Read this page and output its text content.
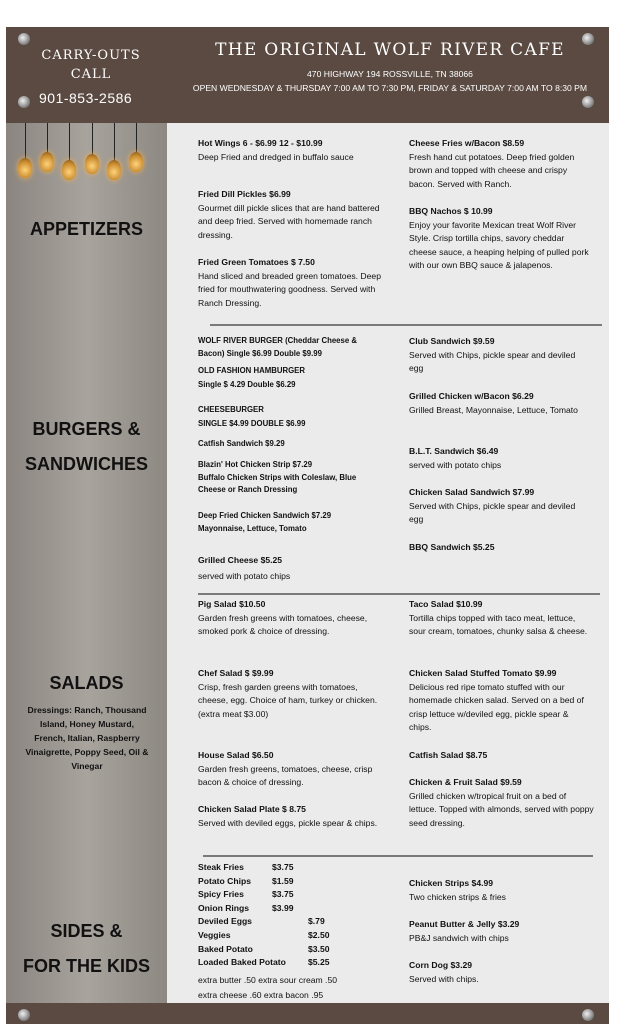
CARRY-OUTS CALL
901-853-2586
THE ORIGINAL WOLF RIVER CAFE
470 HIGHWAY 194 ROSSVILLE, TN 38066
OPEN WEDNESDAY & THURSDAY 7:00 AM TO 7:30 PM, FRIDAY & SATURDAY 7:00 AM TO 8:30 PM
APPETIZERS
BURGERS &
SANDWICHES
SALADS
Dressings: Ranch, Thousand Island, Honey Mustard, French, Italian, Raspberry Vinaigrette, Poppy Seed, Oil & Vinegar
SIDES &
FOR THE KIDS
Hot Wings 6 - $6.99 12 - $10.99
Deep Fried and dredged in buffalo sauce
Fried Dill Pickles $6.99
Gourmet dill pickle slices that are hand battered and deep fried. Served with homemade ranch dressing.
Fried Green Tomatoes $ 7.50
Hand sliced and breaded green tomatoes. Deep fried for mouthwatering goodness. Served with Ranch Dressing.
Cheese Fries w/Bacon $8.59
Fresh hand cut potatoes. Deep fried golden brown and topped with cheese and crispy bacon. Served with Ranch.
BBQ Nachos $ 10.99
Enjoy your favorite Mexican treat Wolf River Style. Crisp tortilla chips, savory cheddar cheese sauce, a heaping helping of pulled pork with our own BBQ sauce & jalapenos.
WOLF RIVER BURGER (Cheddar Cheese & Bacon) Single $6.99 Double $9.99
OLD FASHION HAMBURGER
Single $ 4.29 Double $6.29
CHEESEBURGER
SINGLE $4.99 DOUBLE $6.99
Catfish Sandwich $9.29
Blazin' Hot Chicken Strip $7.29
Buffalo Chicken Strips with Coleslaw, Blue Cheese or Ranch Dressing
Deep Fried Chicken Sandwich $7.29
Mayonnaise, Lettuce, Tomato
Grilled Cheese $5.25
served with potato chips
Club Sandwich $9.59
Served with Chips, pickle spear and deviled egg
Grilled Chicken w/Bacon $6.29
Grilled Breast, Mayonnaise, Lettuce, Tomato
B.L.T. Sandwich $6.49
served with potato chips
Chicken Salad Sandwich $7.99
Served with Chips, pickle spear and deviled egg
BBQ Sandwich $5.25
Pig Salad $10.50
Garden fresh greens with tomatoes, cheese, smoked pork & choice of dressing.
Chef Salad $ $9.99
Crisp, fresh garden greens with tomatoes, cheese, egg. Choice of ham, turkey or chicken.
(extra meat $3.00)
House Salad $6.50
Garden fresh greens, tomatoes, cheese, crisp bacon & choice of dressing.
Chicken Salad Plate $ 8.75
Served with deviled eggs, pickle spear & chips.
Taco Salad $10.99
Tortilla chips topped with taco meat, lettuce, sour cream, tomatoes, chunky salsa & cheese.
Chicken Salad Stuffed Tomato $9.99
Delicious red ripe tomato stuffed with our homemade chicken salad. Served on a bed of crisp lettuce w/deviled egg, pickle spear & chips.
Catfish Salad $8.75
Chicken & Fruit Salad $9.59
Grilled chicken w/tropical fruit on a bed of lettuce. Topped with almonds, served with poppy seed dressing.
Steak Fries	$3.75
Potato Chips $1.59
Spicy Fries	$3.75
Onion Rings	$3.99
Deviled Eggs	$.79
Veggies	$2.50
Baked Potato	$3.50
Loaded Baked Potato	$5.25
extra butter .50 extra sour cream .50
extra cheese .60 extra bacon .95
Chicken Strips $4.99
Two chicken strips & fries
Peanut Butter & Jelly $3.29
PB&J sandwich with chips
Corn Dog $3.29
Served with chips.
